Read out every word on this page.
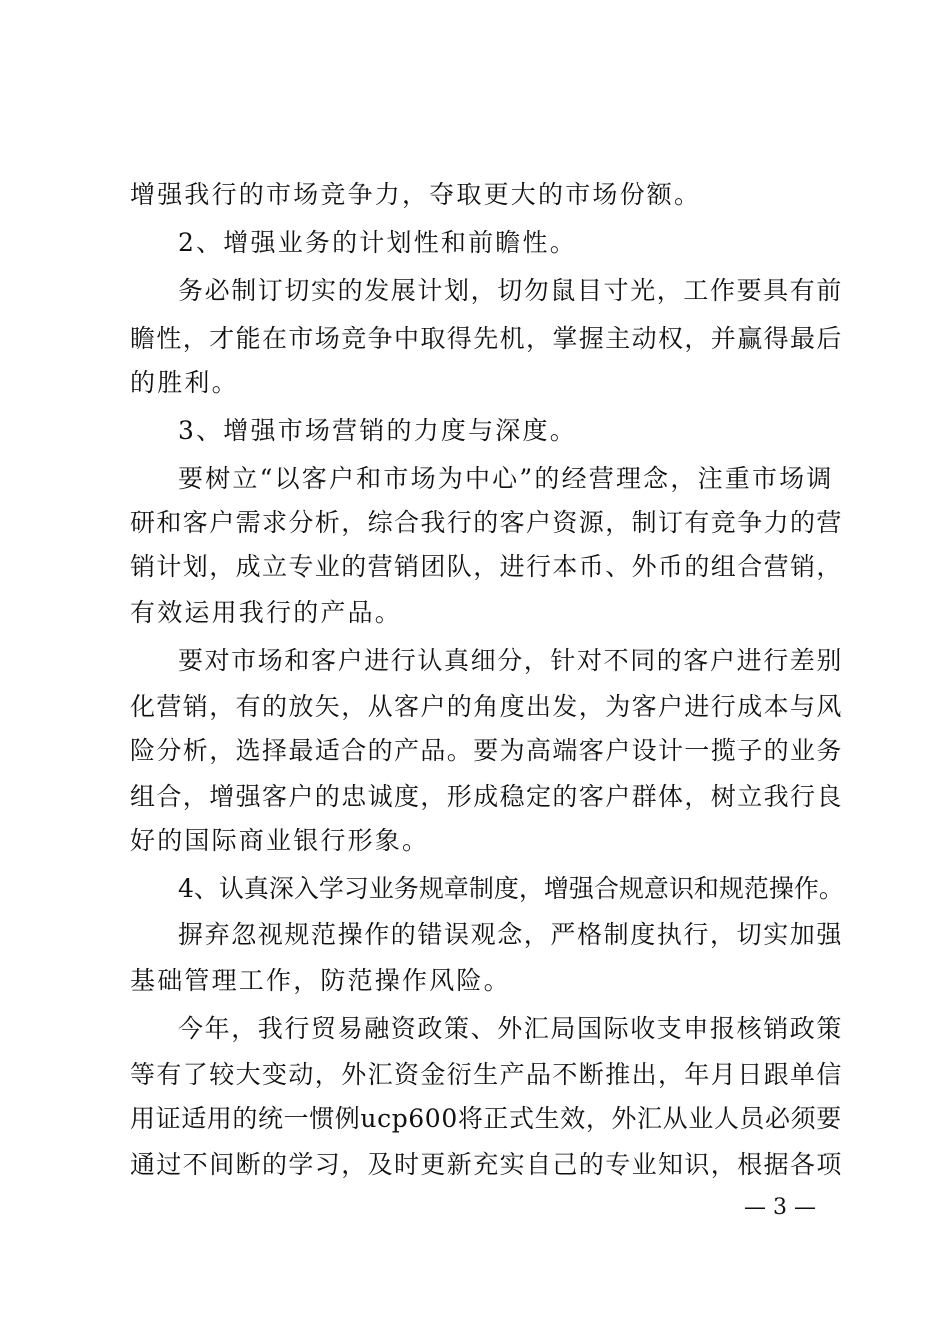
增强我行的市场竞争力，夺取更大的市场份额。
2、增强业务的计划性和前瞻性。
务必制订切实的发展计划，切勿鼠目寸光，工作要具有前
瞻性，才能在市场竞争中取得先机，掌握主动权，并赢得最后
的胜利。
3、增强市场营销的力度与深度。
要树立“以客户和市场为中心”的经营理念，注重市场调
研和客户需求分析，综合我行的客户资源，制订有竞争力的营
销计划，成立专业的营销团队，进行本币、外币的组合营销，
有效运用我行的产品。
要对市场和客户进行认真细分，针对不同的客户进行差别
化营销，有的放矢，从客户的角度出发，为客户进行成本与风
险分析，选择最适合的产品。要为高端客户设计一揽子的业务
组合，增强客户的忠诚度，形成稳定的客户群体，树立我行良
好的国际商业银行形象。
4、认真深入学习业务规章制度，增强合规意识和规范操作。
摒弃忽视规范操作的错误观念，严格制度执行，切实加强
基础管理工作，防范操作风险。
今年，我行贸易融资政策、外汇局国际收支申报核销政策
等有了较大变动，外汇资金衍生产品不断推出，年月日跟单信
用证适用的统一惯例ucp600将正式生效，外汇从业人员必须要
通过不间断的学习，及时更新充实自己的专业知识，根据各项
— 3 —
